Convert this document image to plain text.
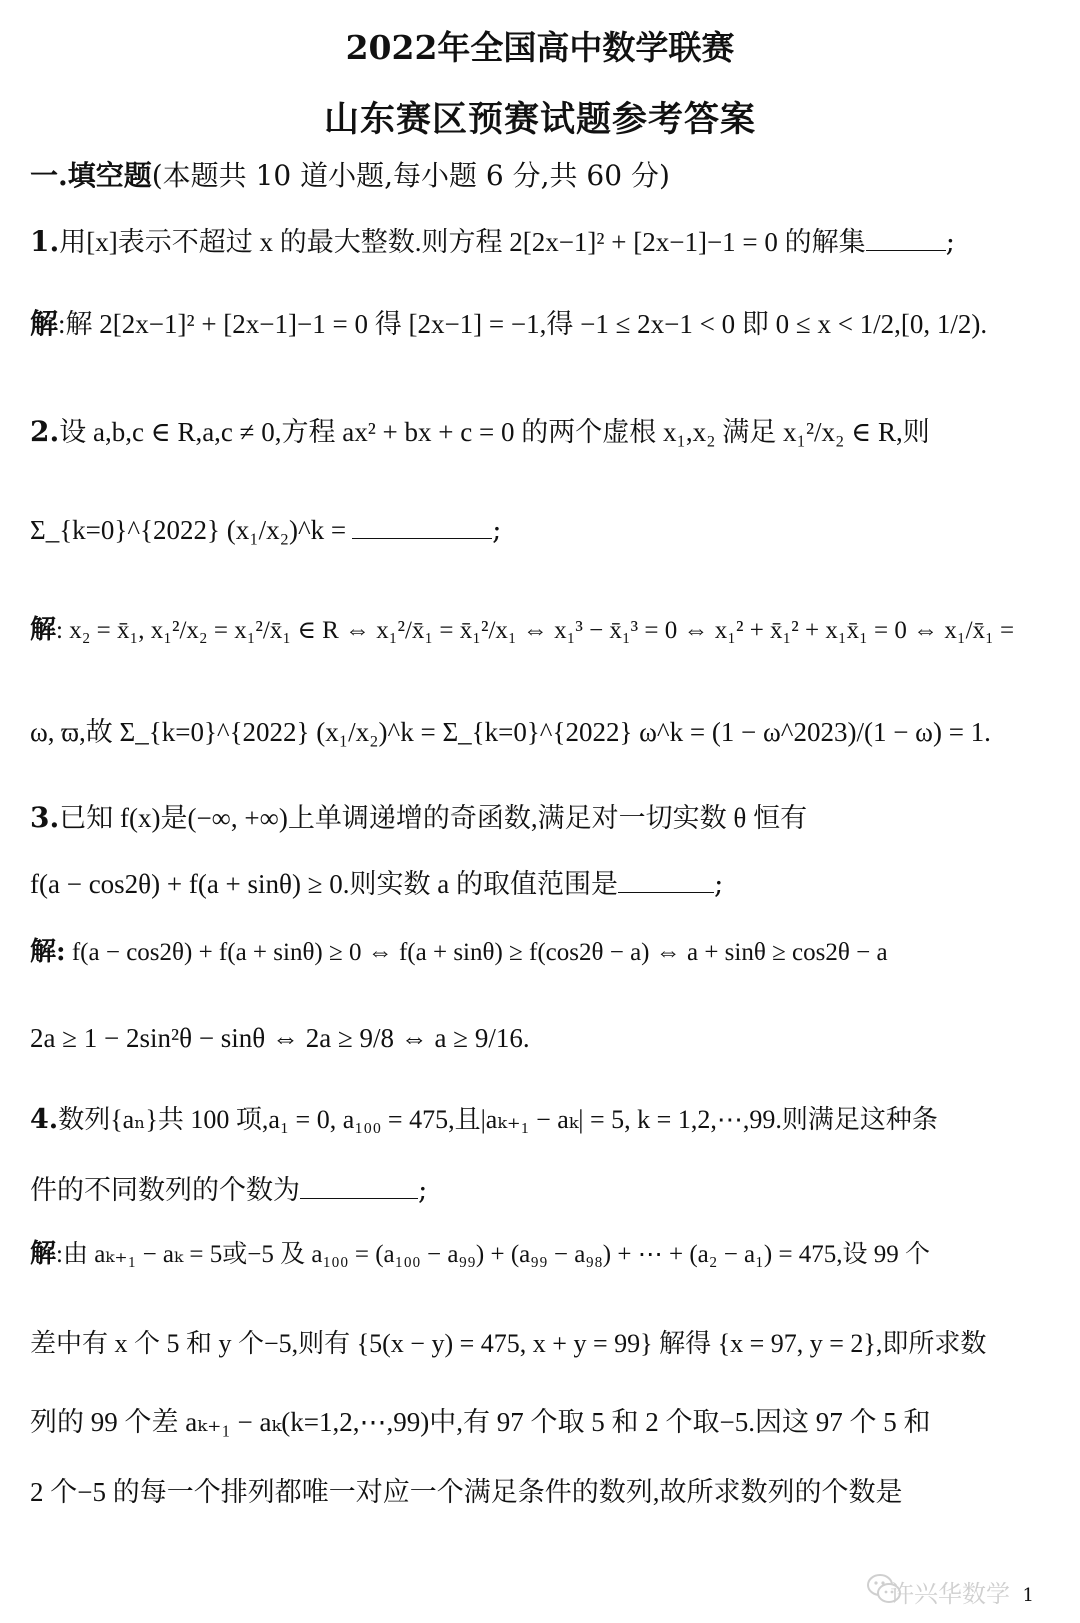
2022年全国高中数学联赛
山东赛区预赛试题参考答案
一.填空题(本题共 10 道小题,每小题 6 分,共 60 分)
1.用[x]表示不超过 x 的最大整数.则方程 2[2x−1]² + [2x−1]−1 = 0 的解集	;
解:解 2[2x−1]² + [2x−1]−1 = 0 得 [2x−1] = −1,得 −1 ≤ 2x−1 < 0 即 0 ≤ x < 1/2,[0, 1/2).
2.设 a,b,c ∈ R,a,c ≠ 0,方程 ax² + bx + c = 0 的两个虚根 x₁,x₂ 满足 x₁²/x₂ ∈ R,则
Σ_{k=0}^{2022} (x₁/x₂)^k =	;
解: x₂ = x̄₁, x₁²/x₂ = x₁²/x̄₁ ∈ R ⇔ x₁²/x̄₁ = x̄₁²/x₁ ⇔ x₁³ − x̄₁³ = 0 ⇔ x₁² + x̄₁² + x₁x̄₁ = 0 ⇔ x₁/x̄₁ =
ω, ϖ,故 Σ_{k=0}^{2022} (x₁/x₂)^k = Σ_{k=0}^{2022} ω^k = (1 − ω^2023)/(1 − ω) = 1.
3.已知 f(x)是(−∞, +∞)上单调递增的奇函数,满足对一切实数 θ 恒有
f(a − cos2θ) + f(a + sinθ) ≥ 0.则实数 a 的取值范围是	;
解: f(a − cos2θ) + f(a + sinθ) ≥ 0 ⇔ f(a + sinθ) ≥ f(cos2θ − a) ⇔ a + sinθ ≥ cos2θ − a
2a ≥ 1 − 2sin²θ − sinθ ⇔ 2a ≥ 9/8 ⇔ a ≥ 9/16.
4.数列{aₙ}共 100 项,a₁ = 0, a₁₀₀ = 475,且|aₖ₊₁ − aₖ| = 5, k = 1,2,⋯,99.则满足这种条
件的不同数列的个数为	;
解:由 aₖ₊₁ − aₖ = 5或−5 及 a₁₀₀ = (a₁₀₀ − a₉₉) + (a₉₉ − a₉₈) + ⋯ + (a₂ − a₁) = 475,设 99 个
差中有 x 个 5 和 y 个−5,则有 {5(x − y) = 475, x + y = 99} 解得 {x = 97, y = 2},即所求数
列的 99 个差 aₖ₊₁ − aₖ(k=1,2,⋯,99)中,有 97 个取 5 和 2 个取−5.因这 97 个 5 和
2 个−5 的每一个排列都唯一对应一个满足条件的数列,故所求数列的个数是
许兴华数学 1
